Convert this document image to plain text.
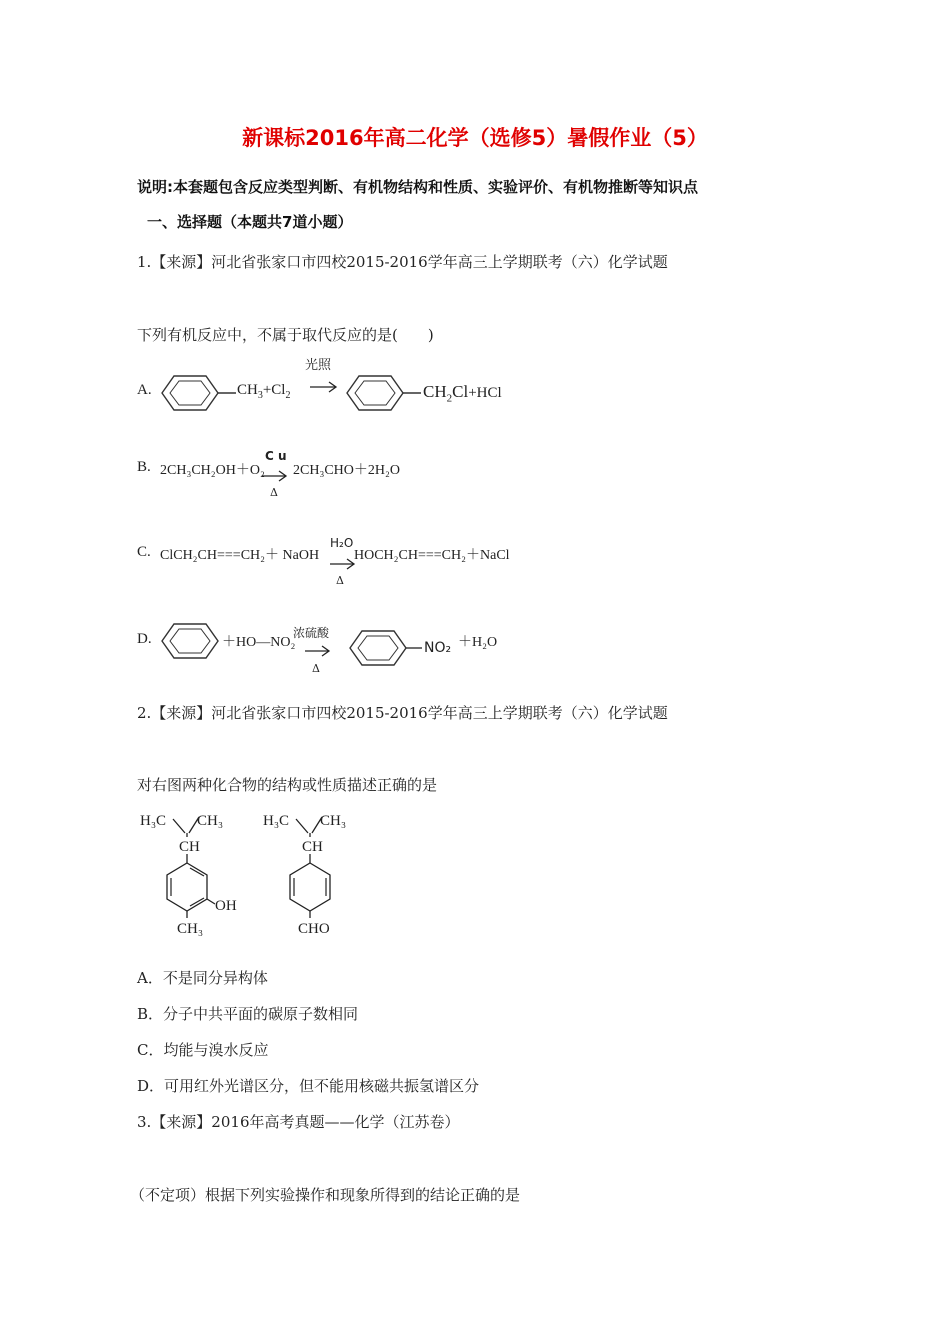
新课标2016年高二化学（选修5）暑假作业（5）
说明:本套题包含反应类型判断、有机物结构和性质、实验评价、有机物推断等知识点
一、选择题（本题共7道小题）
1.【来源】河北省张家口市四校2015-2016学年高三上学期联考（六）化学试题
下列有机反应中，不属于取代反应的是(　　)
A.	$CH_3+Cl_2$
光照
$CH_2Cl+HCl$
B. 2CH₃CH₂OH＋O₂
C u
Δ
2CH₃CHO＋2H₂O
C. ClCH₂CH===CH₂＋ NaOH
H₂O
Δ
HOCH₂CH===CH₂＋NaCl
D.	＋HO—NO₂
浓硫酸
Δ
NO₂ ＋H₂O
2.【来源】河北省张家口市四校2015-2016学年高三上学期联考（六）化学试题
对右图两种化合物的结构或性质描述正确的是
H₃C CH₃
CH
OH
CH₃
H₃C CH₃
CH
CHO
A．不是同分异构体
B．分子中共平面的碳原子数相同
C．均能与溴水反应
D．可用红外光谱区分，但不能用核磁共振氢谱区分
3.【来源】2016年高考真题——化学（江苏卷）
（不定项）根据下列实验操作和现象所得到的结论正确的是
